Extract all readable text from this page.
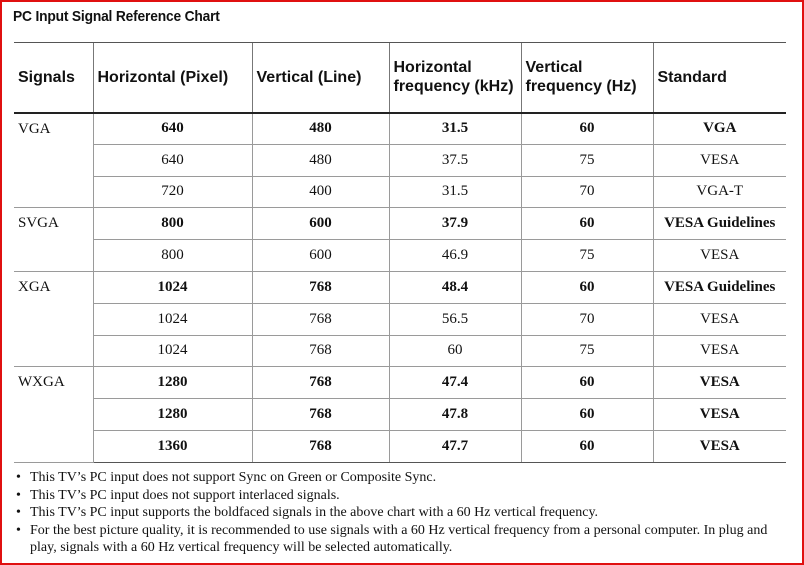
PC Input Signal Reference Chart
Signals	Horizontal (Pixel)	Vertical (Line)	Horizontal frequency (kHz)	Vertical frequency (Hz)	Standard
VGA	640	480	31.5	60	VGA
	640	480	37.5	75	VESA
	720	400	31.5	70	VGA-T
SVGA	800	600	37.9	60	VESA Guidelines
	800	600	46.9	75	VESA
XGA	1024	768	48.4	60	VESA Guidelines
	1024	768	56.5	70	VESA
	1024	768	60	75	VESA
WXGA	1280	768	47.4	60	VESA
	1280	768	47.8	60	VESA
	1360	768	47.7	60	VESA
• This TV’s PC input does not support Sync on Green or Composite Sync.
• This TV’s PC input does not support interlaced signals.
• This TV’s PC input supports the boldfaced signals in the above chart with a 60 Hz vertical frequency.
• For the best picture quality, it is recommended to use signals with a 60 Hz vertical frequency from a personal computer. In plug and play, signals with a 60 Hz vertical frequency will be selected automatically.
